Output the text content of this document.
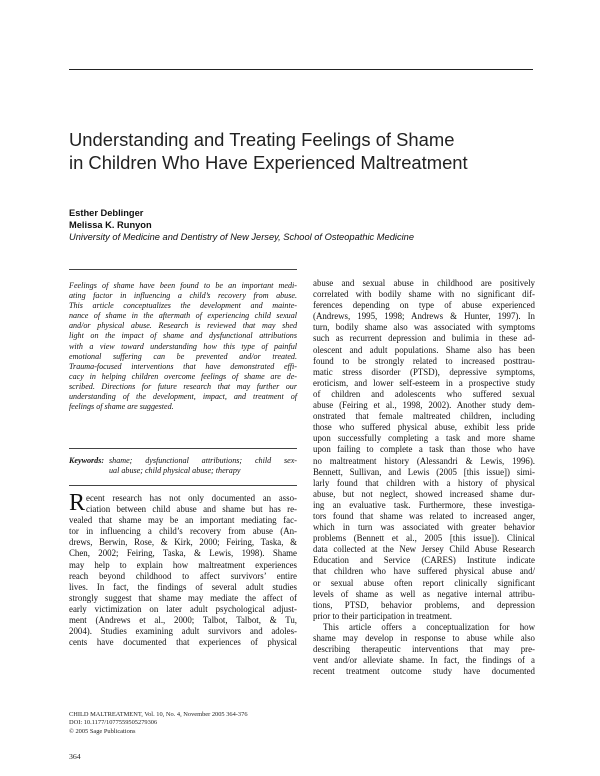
Understanding and Treating Feelings of Shame
in Children Who Have Experienced Maltreatment
Esther Deblinger
Melissa K. Runyon
University of Medicine and Dentistry of New Jersey, School of Osteopathic Medicine
Feelings of shame have been found to be an important medi-
ating factor in influencing a child’s recovery from abuse.
This article conceptualizes the development and mainte-
nance of shame in the aftermath of experiencing child sexual
and/or physical abuse. Research is reviewed that may shed
light on the impact of shame and dysfunctional attributions
with a view toward understanding how this type of painful
emotional suffering can be prevented and/or treated.
Trauma-focused interventions that have demonstrated effi-
cacy in helping children overcome feelings of shame are de-
scribed. Directions for future research that may further our
understanding of the development, impact, and treatment of
feelings of shame are suggested.
Keywords: shame; dysfunctional attributions; child sex-
ual abuse; child physical abuse; therapy
R ecent research has not only documented an asso-
ciation between child abuse and shame but has re-
vealed that shame may be an important mediating fac-
tor in influencing a child’s recovery from abuse (An-
drews, Berwin, Rose, & Kirk, 2000; Feiring, Taska, &
Chen, 2002; Feiring, Taska, & Lewis, 1998). Shame
may help to explain how maltreatment experiences
reach beyond childhood to affect survivors’ entire
lives. In fact, the findings of several adult studies
strongly suggest that shame may mediate the affect of
early victimization on later adult psychological adjust-
ment (Andrews et al., 2000; Talbot, Talbot, & Tu,
2004). Studies examining adult survivors and adoles-
cents have documented that experiences of physical
abuse and sexual abuse in childhood are positively
correlated with bodily shame with no significant dif-
ferences depending on type of abuse experienced
(Andrews, 1995, 1998; Andrews & Hunter, 1997). In
turn, bodily shame also was associated with symptoms
such as recurrent depression and bulimia in these ad-
olescent and adult populations. Shame also has been
found to be strongly related to increased posttrau-
matic stress disorder (PTSD), depressive symptoms,
eroticism, and lower self-esteem in a prospective study
of children and adolescents who suffered sexual
abuse (Feiring et al., 1998, 2002). Another study dem-
onstrated that female maltreated children, including
those who suffered physical abuse, exhibit less pride
upon successfully completing a task and more shame
upon failing to complete a task than those who have
no maltreatment history (Alessandri & Lewis, 1996).
Bennett, Sullivan, and Lewis (2005 [this issue]) simi-
larly found that children with a history of physical
abuse, but not neglect, showed increased shame dur-
ing an evaluative task. Furthermore, these investiga-
tors found that shame was related to increased anger,
which in turn was associated with greater behavior
problems (Bennett et al., 2005 [this issue]). Clinical
data collected at the New Jersey Child Abuse Research
Education and Service (CARES) Institute indicate
that children who have suffered physical abuse and/
or sexual abuse often report clinically significant
levels of shame as well as negative internal attribu-
tions, PTSD, behavior problems, and depression
prior to their participation in treatment.
This article offers a conceptualization for how
shame may develop in response to abuse while also
describing therapeutic interventions that may pre-
vent and/or alleviate shame. In fact, the findings of a
recent treatment outcome study have documented
CHILD MALTREATMENT, Vol. 10, No. 4, November 2005 364-376
DOI: 10.1177/1077559505279306
© 2005 Sage Publications
364
